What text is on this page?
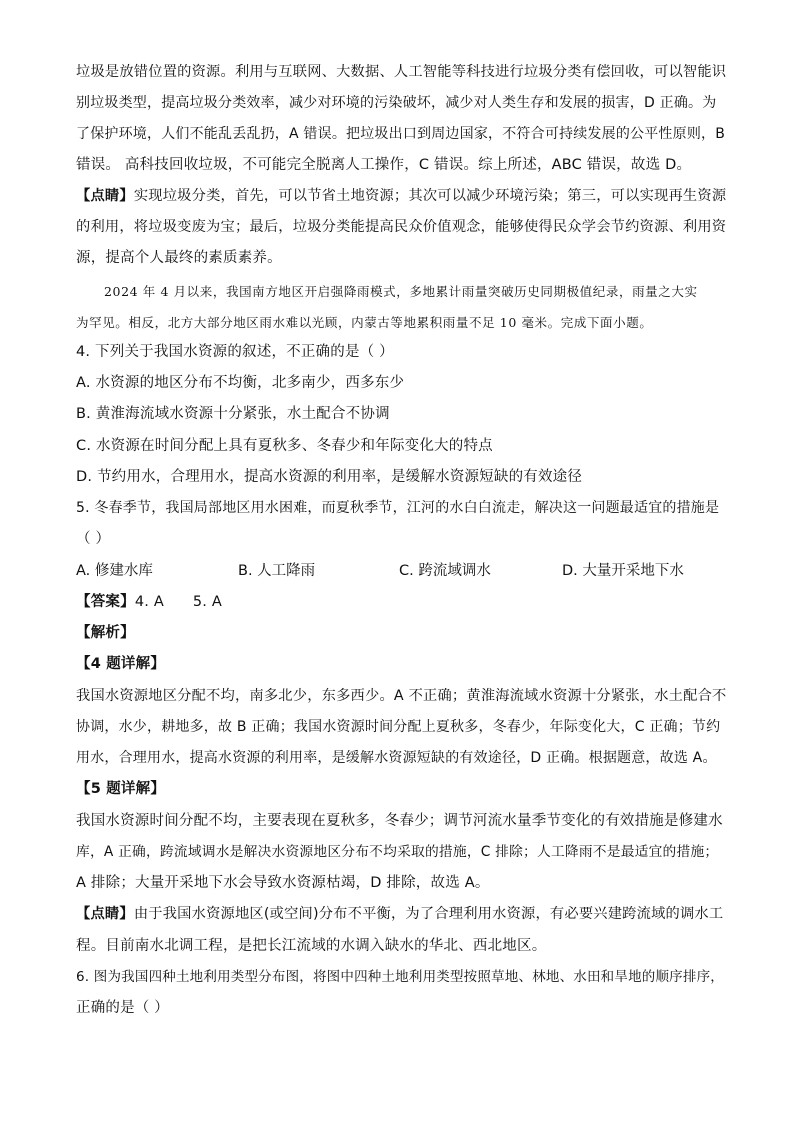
垃圾是放错位置的资源。利用与互联网、大数据、人工智能等科技进行垃圾分类有偿回收，可以智能识
别垃圾类型，提高垃圾分类效率，减少对环境的污染破坏，减少对人类生存和发展的损害，D 正确。为
了保护环境，人们不能乱丢乱扔，A 错误。把垃圾出口到周边国家，不符合可持续发展的公平性原则，B
错误。 高科技回收垃圾，不可能完全脱离人工操作，C 错误。综上所述，ABC 错误，故选 D。
【点睛】实现垃圾分类，首先，可以节省土地资源；其次可以减少环境污染；第三，可以实现再生资源
的利用，将垃圾变废为宝；最后，垃圾分类能提高民众价值观念，能够使得民众学会节约资源、利用资
源，提高个人最终的素质素养。
2024 年 4 月以来，我国南方地区开启强降雨模式，多地累计雨量突破历史同期极值纪录，雨量之大实
为罕见。相反，北方大部分地区雨水难以光顾，内蒙古等地累积雨量不足 10 毫米。完成下面小题。
4. 下列关于我国水资源的叙述，不正确的是（ ）
A. 水资源的地区分布不均衡，北多南少，西多东少
B. 黄淮海流域水资源十分紧张，水土配合不协调
C. 水资源在时间分配上具有夏秋多、冬春少和年际变化大的特点
D. 节约用水，合理用水，提高水资源的利用率，是缓解水资源短缺的有效途径
5. 冬春季节，我国局部地区用水困难，而夏秋季节，江河的水白白流走，解决这一问题最适宜的措施是
（ ）
A. 修建水库	B. 人工降雨	C. 跨流域调水	D. 大量开采地下水
【答案】4. A      5. A
【解析】
【4 题详解】
我国水资源地区分配不均，南多北少，东多西少。A 不正确；黄淮海流域水资源十分紧张，水土配合不
协调，水少，耕地多，故 B 正确；我国水资源时间分配上夏秋多，冬春少，年际变化大，C 正确；节约
用水，合理用水，提高水资源的利用率，是缓解水资源短缺的有效途径，D 正确。根据题意，故选 A。
【5 题详解】
我国水资源时间分配不均，主要表现在夏秋多，冬春少；调节河流水量季节变化的有效措施是修建水
库，A 正确，跨流域调水是解决水资源地区分布不均采取的措施，C 排除；人工降雨不是最适宜的措施；
A 排除；大量开采地下水会导致水资源枯竭，D 排除，故选 A。
【点睛】由于我国水资源地区(或空间)分布不平衡，为了合理利用水资源，有必要兴建跨流域的调水工
程。目前南水北调工程，是把长江流域的水调入缺水的华北、西北地区。
6. 图为我国四种土地利用类型分布图，将图中四种土地利用类型按照草地、林地、水田和旱地的顺序排序，
正确的是（ ）
